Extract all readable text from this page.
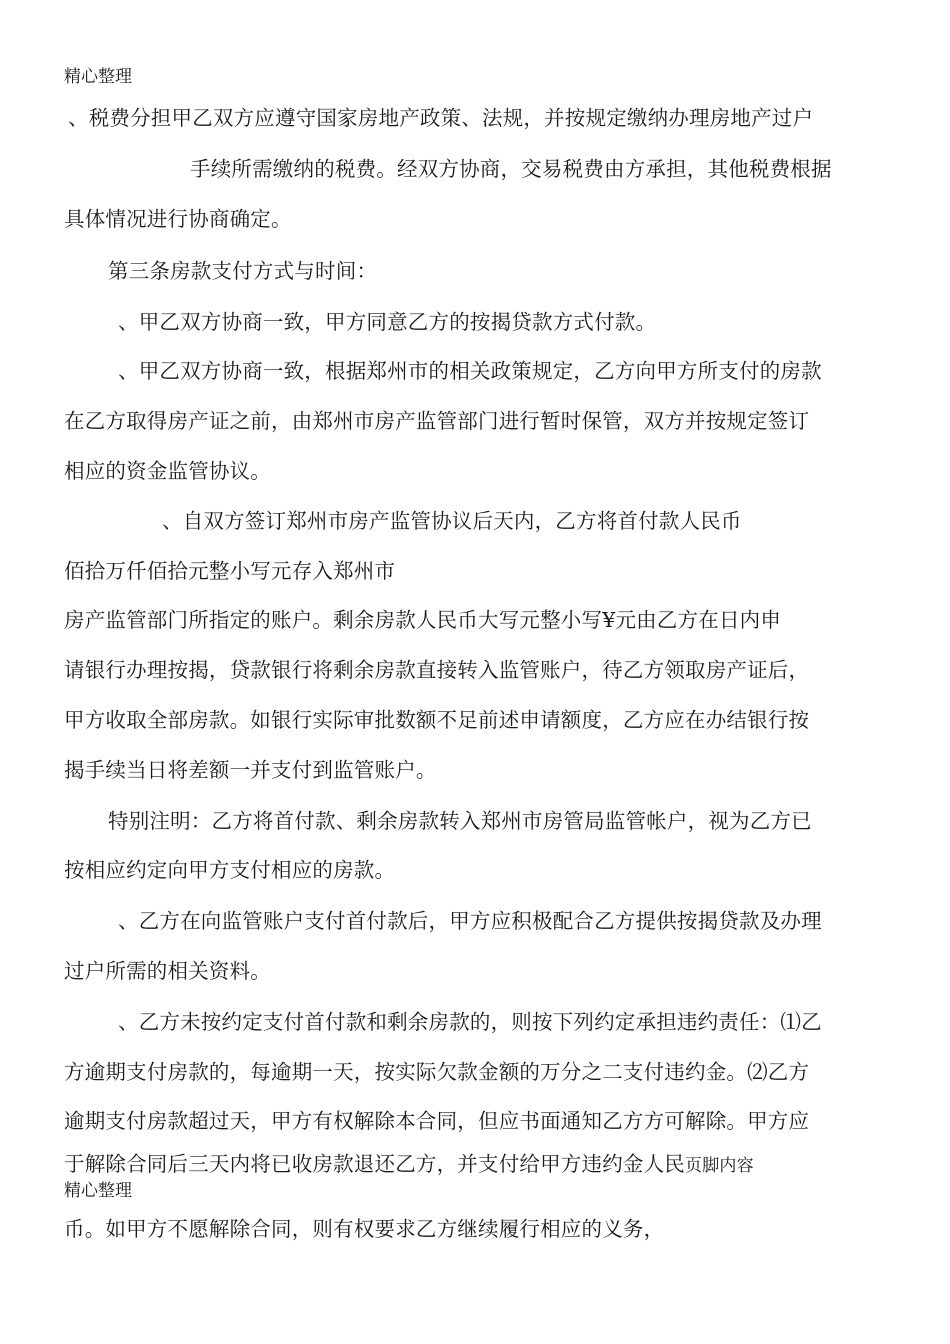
精心整理
、税费分担甲乙双方应遵守国家房地产政策、法规，并按规定缴纳办理房地产过户
手续所需缴纳的税费。经双方协商，交易税费由方承担，其他税费根据
具体情况进行协商确定。
第三条房款支付方式与时间：
、甲乙双方协商一致，甲方同意乙方的按揭贷款方式付款。
、甲乙双方协商一致，根据郑州市的相关政策规定，乙方向甲方所支付的房款
在乙方取得房产证之前，由郑州市房产监管部门进行暂时保管，双方并按规定签订
相应的资金监管协议。
、自双方签订郑州市房产监管协议后天内，乙方将首付款人民币
佰拾万仟佰拾元整小写元存入郑州市
房产监管部门所指定的账户。剩余房款人民币大写元整小写¥元由乙方在日内申
请银行办理按揭，贷款银行将剩余房款直接转入监管账户，待乙方领取房产证后，
甲方收取全部房款。如银行实际审批数额不足前述申请额度，乙方应在办结银行按
揭手续当日将差额一并支付到监管账户。
特别注明：乙方将首付款、剩余房款转入郑州市房管局监管帐户，视为乙方已
按相应约定向甲方支付相应的房款。
、乙方在向监管账户支付首付款后，甲方应积极配合乙方提供按揭贷款及办理
过户所需的相关资料。
、乙方未按约定支付首付款和剩余房款的，则按下列约定承担违约责任：⑴乙
方逾期支付房款的，每逾期一天，按实际欠款金额的万分之二支付违约金。⑵乙方
逾期支付房款超过天，甲方有权解除本合同，但应书面通知乙方方可解除。甲方应
于解除合同后三天内将已收房款退还乙方，并支付给甲方违约金人民页脚内容
精心整理
币。如甲方不愿解除合同，则有权要求乙方继续履行相应的义务，
